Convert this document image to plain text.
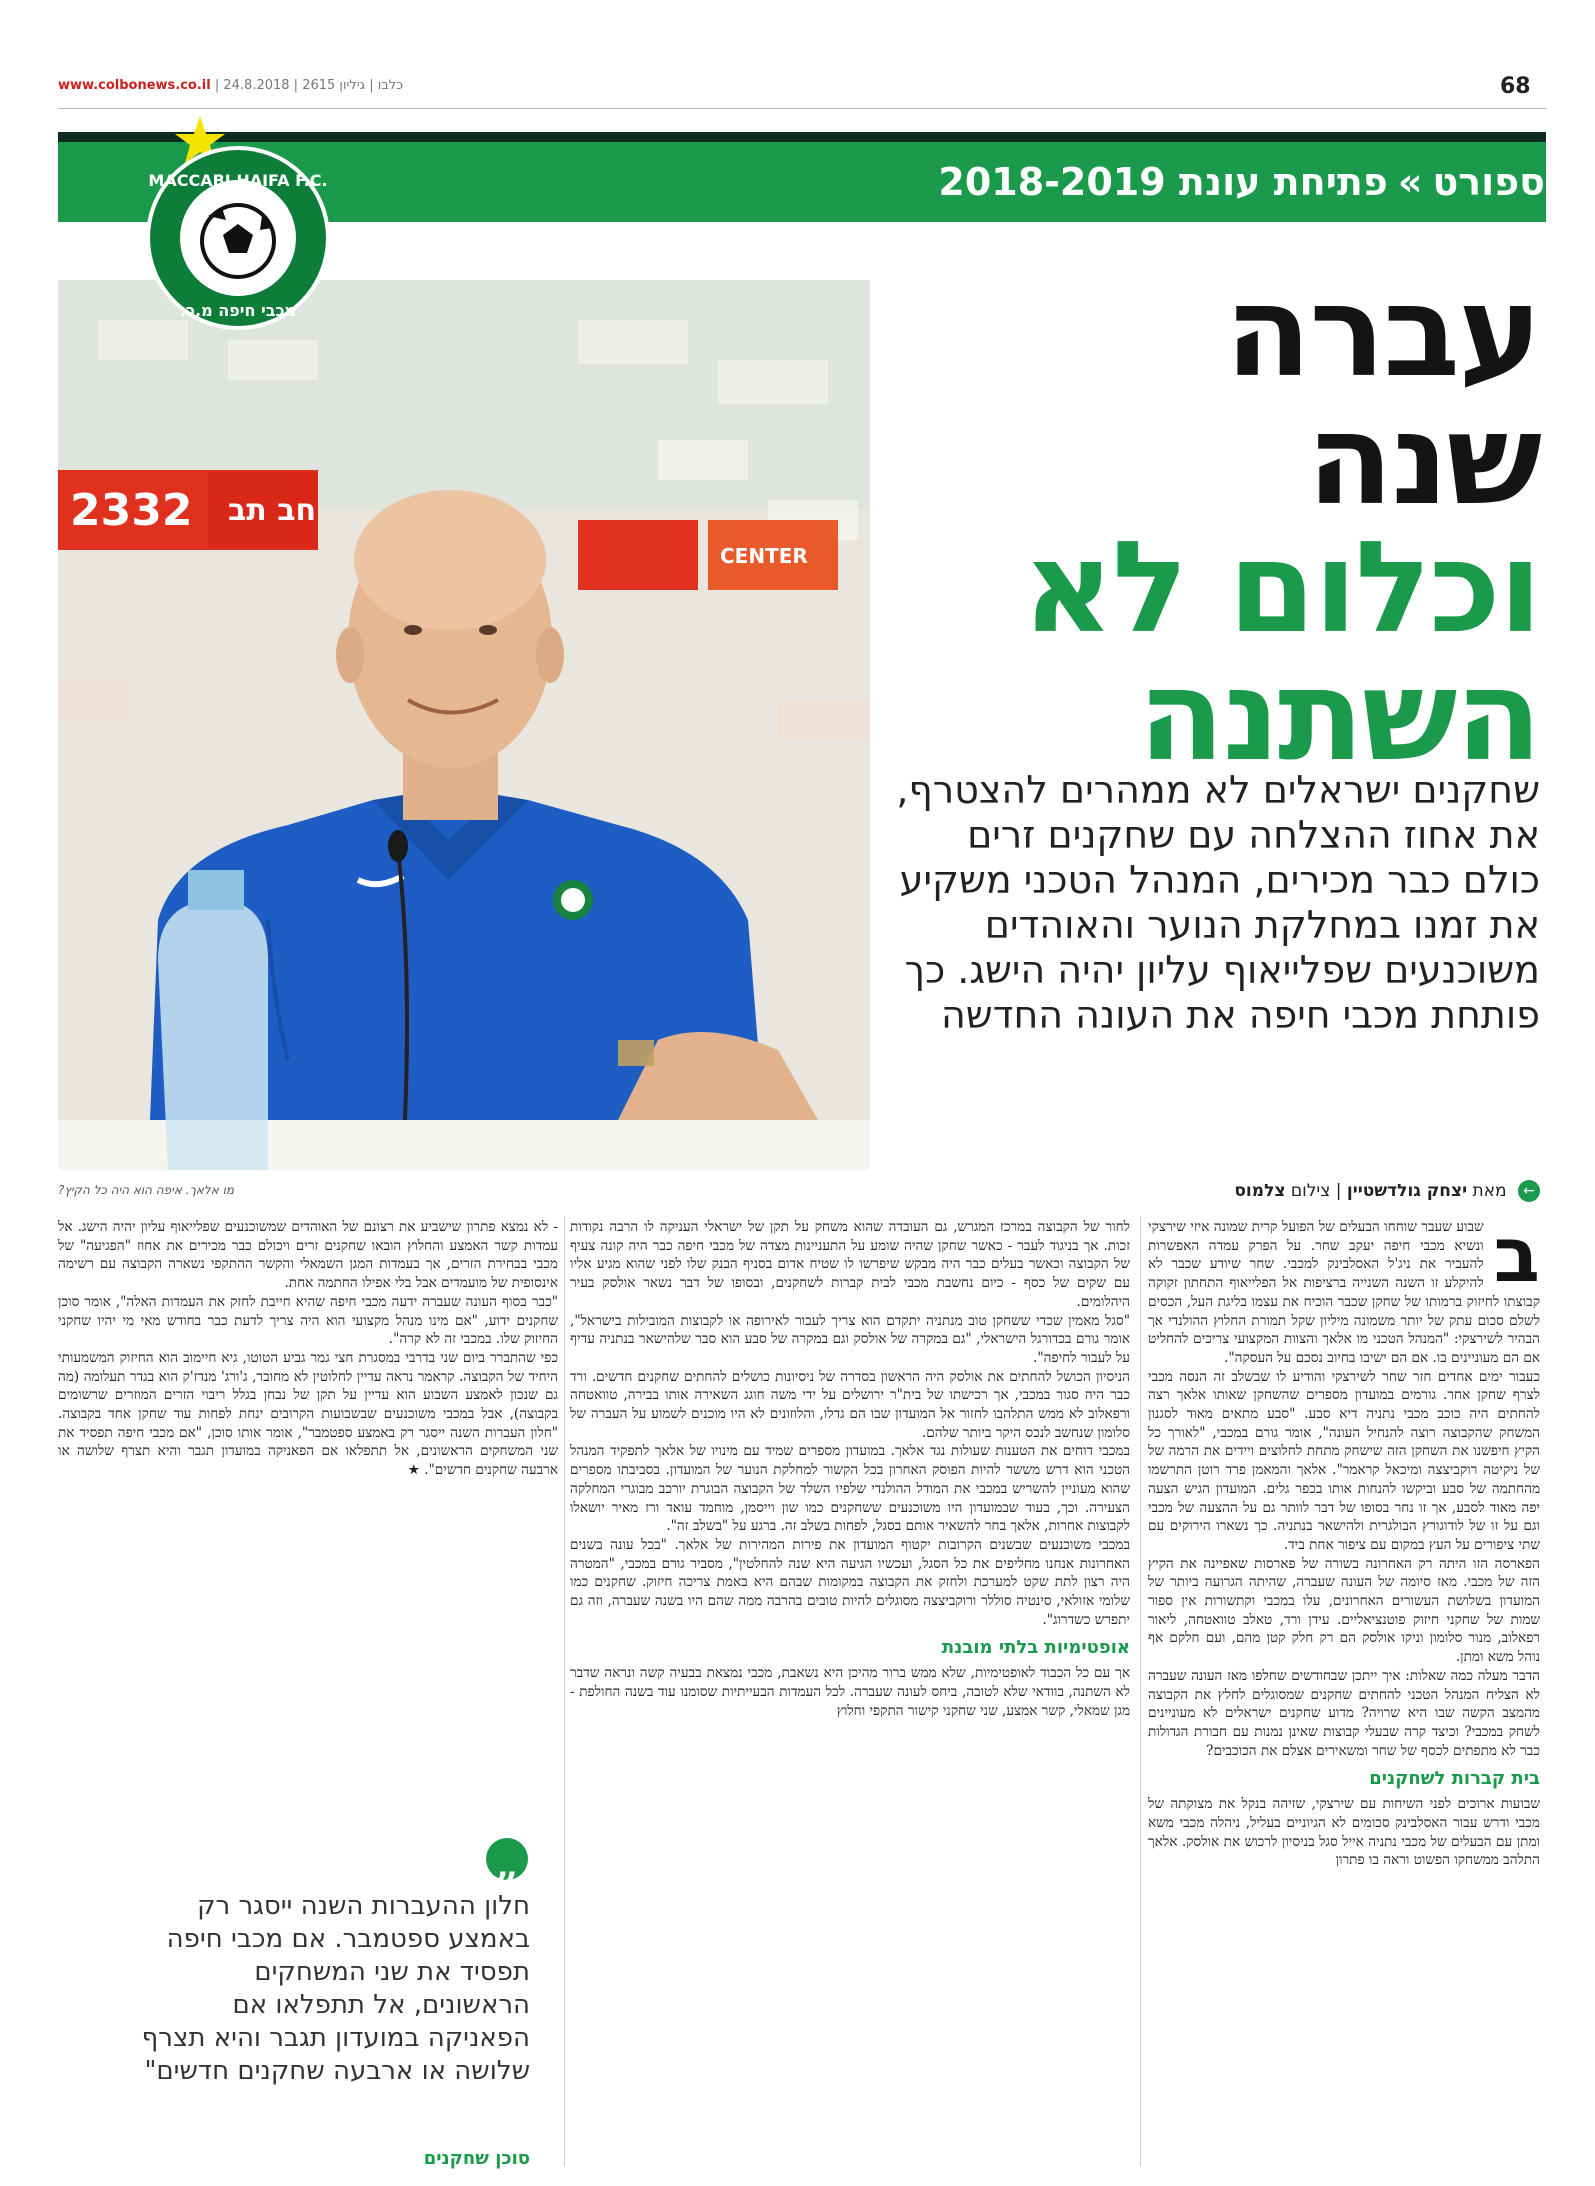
www.colbonews.co.il |	כלבו | גיליון 2615 | 24.8.2018	68
ספורט»פתיחת עונת 2018-2019
2332 חב תב
CENTER
מו אלאך. איפה הוא היה כל הקיץ?
MACCABI HAIFA F.C.
מכבי חיפה מ.כ.	עברה
שנה
וכלום לא
השתנה
שחקנים ישראלים לא ממהרים להצטרף, את אחוז ההצלחה עם שחקנים זרים כולם כבר מכירים, המנהל הטכני משקיע את זמנו במחלקת הנוער והאוהדים משוכנעים שפלייאוף עליון יהיה הישג. כך פותחת מכבי חיפה את העונה החדשה
← מאת יצחק גולדשטיין | צילום צלמוס
ב

שבוע שעבר שוחחו הבעלים של הפועל קרית שמונה איזי שירצקי ונשיא מכבי חיפה יעקב שחר. על הפרק עמדה האפשרות להעביר את ניג'ל האסלבינק למכבי. שחר שיודע שכבר לא להיקלע זו השנה השנייה ברציפות אל הפלייאוף התחתון זקוקה קבוצתו לחיזוק ברמותו של שחקן שכבר הוכיח את עצמו בליגת העל, הכסים לשלם סכום עתק של יותר משמונה מיליון שקל תמורת החלוץ ההולנדי אך הבהיר לשירצקי: "המנהל הטכני מו אלאך והצוות המקצועי צריכים להחליט אם הם מעוניינים בו. אם הם ישיבו בחיוב נסכם על העסקה".

כעבור ימים אחדים חזר שחר לשירצקי והודיע לו שבשלב זה הנסה מכבי לצרף שחקן אחר. גורמים במועדון מספרים שהשחקן שאותו אלאך רצה להחתים היה כוכב מכבי נתניה דיא סבע. "סבע מתאים מאוד לסגנון המשחק שהקבוצה רוצה להנחיל העונה", אומר גורם במכבי, "לאורך כל הקיץ חיפשנו את השחקן הזה שישחק מתחת לחלוצים ויידים את הרמה של של ניקיטה רוקביצצה ומיכאל קראמר". אלאך והמאמן פרד רוטן התרשמו מהחתמה של סבע וביקשו להנחות אותו בכפר גלים. המועדון הגיש הצעה יפה מאוד לסבע, אך זו נחר בסופו של דבר לוותר גם על ההצעה של מכבי וגם על זו של לודוגורץ הבולגרית ולהישאר בנתניה. כך נשארו הירוקים עם שתי ציפורים על העץ במקום עם ציפור אחת ביד.

הפארסה הזו היתה רק האחרונה בשורה של פארסות שאפיינה את הקיץ הזה של מכבי. מאז סיומה של העונה שעברה, שהיתה הגרועה ביותר של המועדון בשלושת העשורים האחרונים, עלו במכבי וקתשורות אין ספור שמות של שחקני חיזוק פוטנציאליים. עידן ורד, טאלב טוואטחה, ליאור רפאלוב, מנור סלומון וניקו אולסק הם רק חלק קטן מהם, ועם חלקם אף נוהל משא ומתן.

הדבר מעלה כמה שאלות: איך ייתכן שבחודשים שחלפו מאז העונה שעברה לא הצליח המנהל הטכני להחתים שחקנים שמסוגלים לחלץ את הקבוצה מהמצב הקשה שבו היא שרויה? מדוע שחקנים ישראלים לא מעוניינים לשחק במכבי? וכיצד קרה שבעלי קבוצות שאינן נמנות עם חבורת הגדולות כבר לא מתפתים לכסף של שחר ומשאירים אצלם את הכוכבים?

בית קברות לשחקנים

שבועות ארוכים לפני השיחות עם שירצקי, שזיהה בנקל את מצוקתה של מכבי ודרש עבור האסלבינק סכומים לא הגיוניים בעליל, ניהלה מכבי משא ומתן עם הבעלים של מכבי נתניה אייל סגל בניסיון לרכוש את אולסק. אלאך התלהב ממשחקו הפשוט וראה בו פתרון

לחור של הקבוצה במרכז המגרש, גם העובדה שהוא משחק על תקן של ישראלי העניקה לו הרבה נקודות זכות. אך בניגוד לעבר - כאשר שחקן שהיה שומע על התעניינות מצדה של מכבי חיפה כבר היה קונה צעיף של הקבוצה וכאשר בעלים כבר היה מבקש שיפרשו לו שטיח אדום בסניף הבנק שלו לפני שהוא מגיע אליו עם שקים של כסף - כיום נחשבת מכבי לבית קברות לשחקנים, ובסופו של דבר נשאר אולסק בעיר היהלומים.

"סגל מאמין שכדי ששחקן טוב מנתניה יתקדם הוא צריך לעבור לאירופה או לקבוצות המובילות בישראל", אומר גורם בכדורגל הישראלי, "גם במקרה של אולסק וגם במקרה של סבע הוא סבר שלהישאר בנתניה עדיף על לעבור לחיפה".

הניסיון הכושל להחתים את אולסק היה הראשון בסדרה של ניסיונות כושלים להחתים שחקנים חדשים. ורד כבר היה סגור במכבי, אך רכישתו של בית"ר ירושלים על ידי משה חוגג השאירה אותו בבירה, טוואטחה ורפאלוב לא ממש התלהבו לחזור אל המועדון שבו הם גדלו, והלוזונים לא היו מוכנים לשמוע על העברה של סלומון שנחשב לנכס היקר ביותר שלהם.

במכבי דוחים את הטענות שעולות נגד אלאך. במועדון מספרים שמיד עם מינויו של אלאך לתפקיד המנהל הטכני הוא דרש מששר להיות הפוסק האחרון בכל הקשור למחלקת הנוער של המועדון. בסביבתו מספרים שהוא מעוניין להשריש במכבי את המודל ההולנדי שלפיו השלד של הקבוצה הבוגרת יורכב מבוגרי המחלקה הצעירה. וכך, בעוד שבמועדון היו משוכנעים ששחקנים כמו שון וייסמן, מוחמד עואד ורז מאיר יושאלו לקבוצות אחרות, אלאך בחר להשאיר אותם בסגל, לפחות בשלב זה. ברגע על "בשלב זה".

במכבי משוכנעים שבשנים הקרובות יקטוף המועדון את פירות המהירות של אלאך. "בכל עונה בשנים האחרונות אנחנו מחליפים את כל הסגל, ועכשיו הגיעה היא שנה להחלטין", מסביר גורם במכבי, "המטרה היה רצון לתת שקט למערכת ולחזק את הקבוצה במקומות שבהם היא באמת צריכה חיזוק. שחקנים כמו שלומי אזולאי, סינטיה סוללר ורוקביצצה מסוגלים להיות טובים בהרבה ממה שהם היו בשנה שעברה, וזה גם יתפרש כשדרוג".

אופטימיות בלתי מובנת

אך עם כל הכבוד לאופטימיות, שלא ממש ברור מהיכן היא נשאבת, מכבי נמצאת בבעיה קשה ונראה שדבר לא השתנה, בוודאי שלא לטובה, ביחס לעונה שעברה. לכל העמדות הבעייתיות שסומנו עוד בשנה החולפת - מגן שמאלי, קשר אמצע, שני שחקני קישור התקפי וחלוץ

- לא נמצא פתרון שישביע את רצונם של האוהדים שמשוכנעים שפלייאוף עליון יהיה הישג. אל עמדות קשר האמצע והחלוץ הובאו שחקנים זרים ויכולם כבר מכירים את אחוז "הפגיעה" של מכבי בבחירת הזרים, אך בעמדות המגן השמאלי והקשר ההתקפי נשארה הקבוצה עם רשימה אינסופית של מועמדים אבל בלי אפילו החתמה אחת.

"כבר בסוף העונה שעברה ידעה מכבי חיפה שהיא חייבת לחזק את העמדות האלה", אומר סוכן שחקנים ידוע, "אם מינו מנהל מקצועי הוא היה צריך לדעת כבר בחודש מאי מי יהיו שחקני החיזוק שלו. במכבי זה לא קרה".

כפי שהתברר ביום שני בדרבי במסגרת חצי גמר גביע הטוטו, גיא חיימוב הוא החיזוק המשמעותי היחיד של הקבוצה. קראמר נראה עדיין לחלוטין לא מחובר, ג'ורג' מנדז'ק הוא בגדר תעלומה (מה גם שנכון לאמצע השבוע הוא עדיין על תקן של נבחן בגלל ריבוי הזרים המוזרים שרשומים בקבוצה), אבל במכבי משוכנעים שבשבועות הקרובים ינחת לפחות עוד שחקן אחד בקבוצה. "חלון העברות השנה ייסגר רק באמצע ספטמבר", אומר אותו סוכן, "אם מכבי חיפה תפסיד את שני המשחקים הראשונים, אל תתפלאו אם הפאניקה במועדון תגבר והיא תצרף שלושה או ארבעה שחקנים חדשים". ★

„
חלון ההעברות השנה ייסגר רק באמצע ספטמבר. אם מכבי חיפה תפסיד את שני המשחקים הראשונים, אל תתפלאו אם הפאניקה במועדון תגבר והיא תצרף שלושה או ארבעה שחקנים חדשים"
סוכן שחקנים
